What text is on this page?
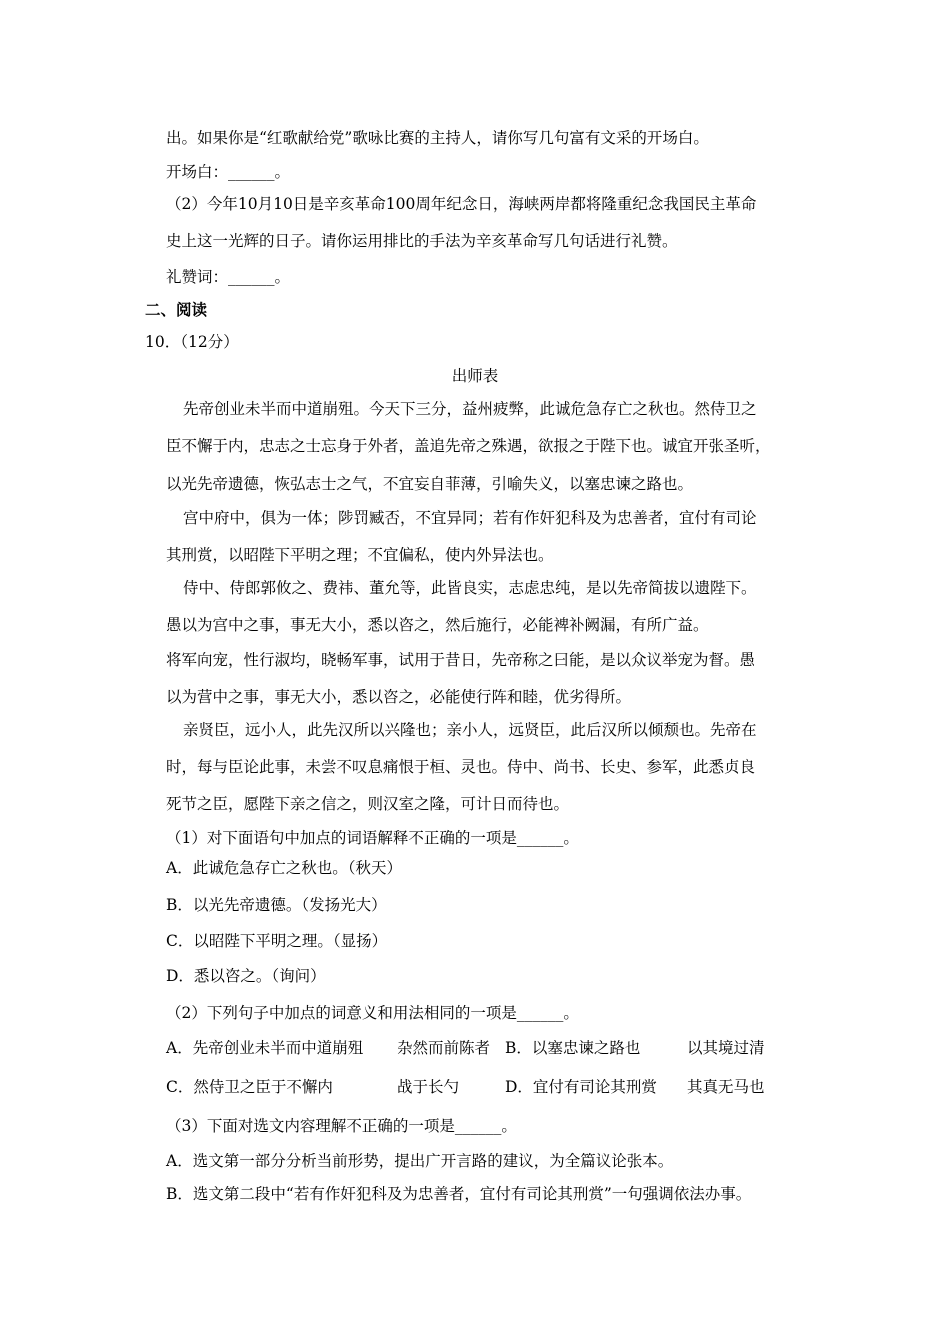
出。如果你是“红歌献给党”歌咏比赛的主持人，请你写几句富有文采的开场白。
开场白：______。
（2）今年10月10日是辛亥革命100周年纪念日，海峡两岸都将隆重纪念我国民主革命
史上这一光辉的日子。请你运用排比的手法为辛亥革命写几句话进行礼赞。
礼赞词：______。
二、阅读
10．（12分）
出师表
先帝创业未半而中道崩殂。今天下三分，益州疲弊，此诚危急存亡之秋也。然侍卫之
臣不懈于内，忠志之士忘身于外者，盖追先帝之殊遇，欲报之于陛下也。诚宜开张圣听，
以光先帝遗德，恢弘志士之气，不宜妄自菲薄，引喻失义，以塞忠谏之路也。
宫中府中，俱为一体；陟罚臧否，不宜异同；若有作奸犯科及为忠善者，宜付有司论
其刑赏，以昭陛下平明之理；不宜偏私，使内外异法也。
侍中、侍郎郭攸之、费祎、董允等，此皆良实，志虑忠纯，是以先帝简拔以遗陛下。
愚以为宫中之事，事无大小，悉以咨之，然后施行，必能裨补阙漏，有所广益。
将军向宠，性行淑均，晓畅军事，试用于昔日，先帝称之曰能，是以众议举宠为督。愚
以为营中之事，事无大小，悉以咨之，必能使行阵和睦，优劣得所。
亲贤臣，远小人，此先汉所以兴隆也；亲小人，远贤臣，此后汉所以倾颓也。先帝在
时，每与臣论此事，未尝不叹息痛恨于桓、灵也。侍中、尚书、长史、参军，此悉贞良
死节之臣，愿陛下亲之信之，则汉室之隆，可计日而待也。
（1）对下面语句中加点的词语解释不正确的一项是______。
A．此诚危急存亡之秋也。（秋天）
B．以光先帝遗德。（发扬光大）
C．以昭陛下平明之理。（显扬）
D．悉以咨之。（询问）
（2）下列句子中加点的词意义和用法相同的一项是______。
A．先帝创业未半而中道崩殂 杂然而前陈者 B．以塞忠谏之路也	以其境过清
C．然侍卫之臣于不懈内	战于长勺	D．宜付有司论其刑赏 其真无马也
（3）下面对选文内容理解不正确的一项是______。
A．选文第一部分分析当前形势，提出广开言路的建议，为全篇议论张本。
B．选文第二段中“若有作奸犯科及为忠善者，宜付有司论其刑赏”一句强调依法办事。
